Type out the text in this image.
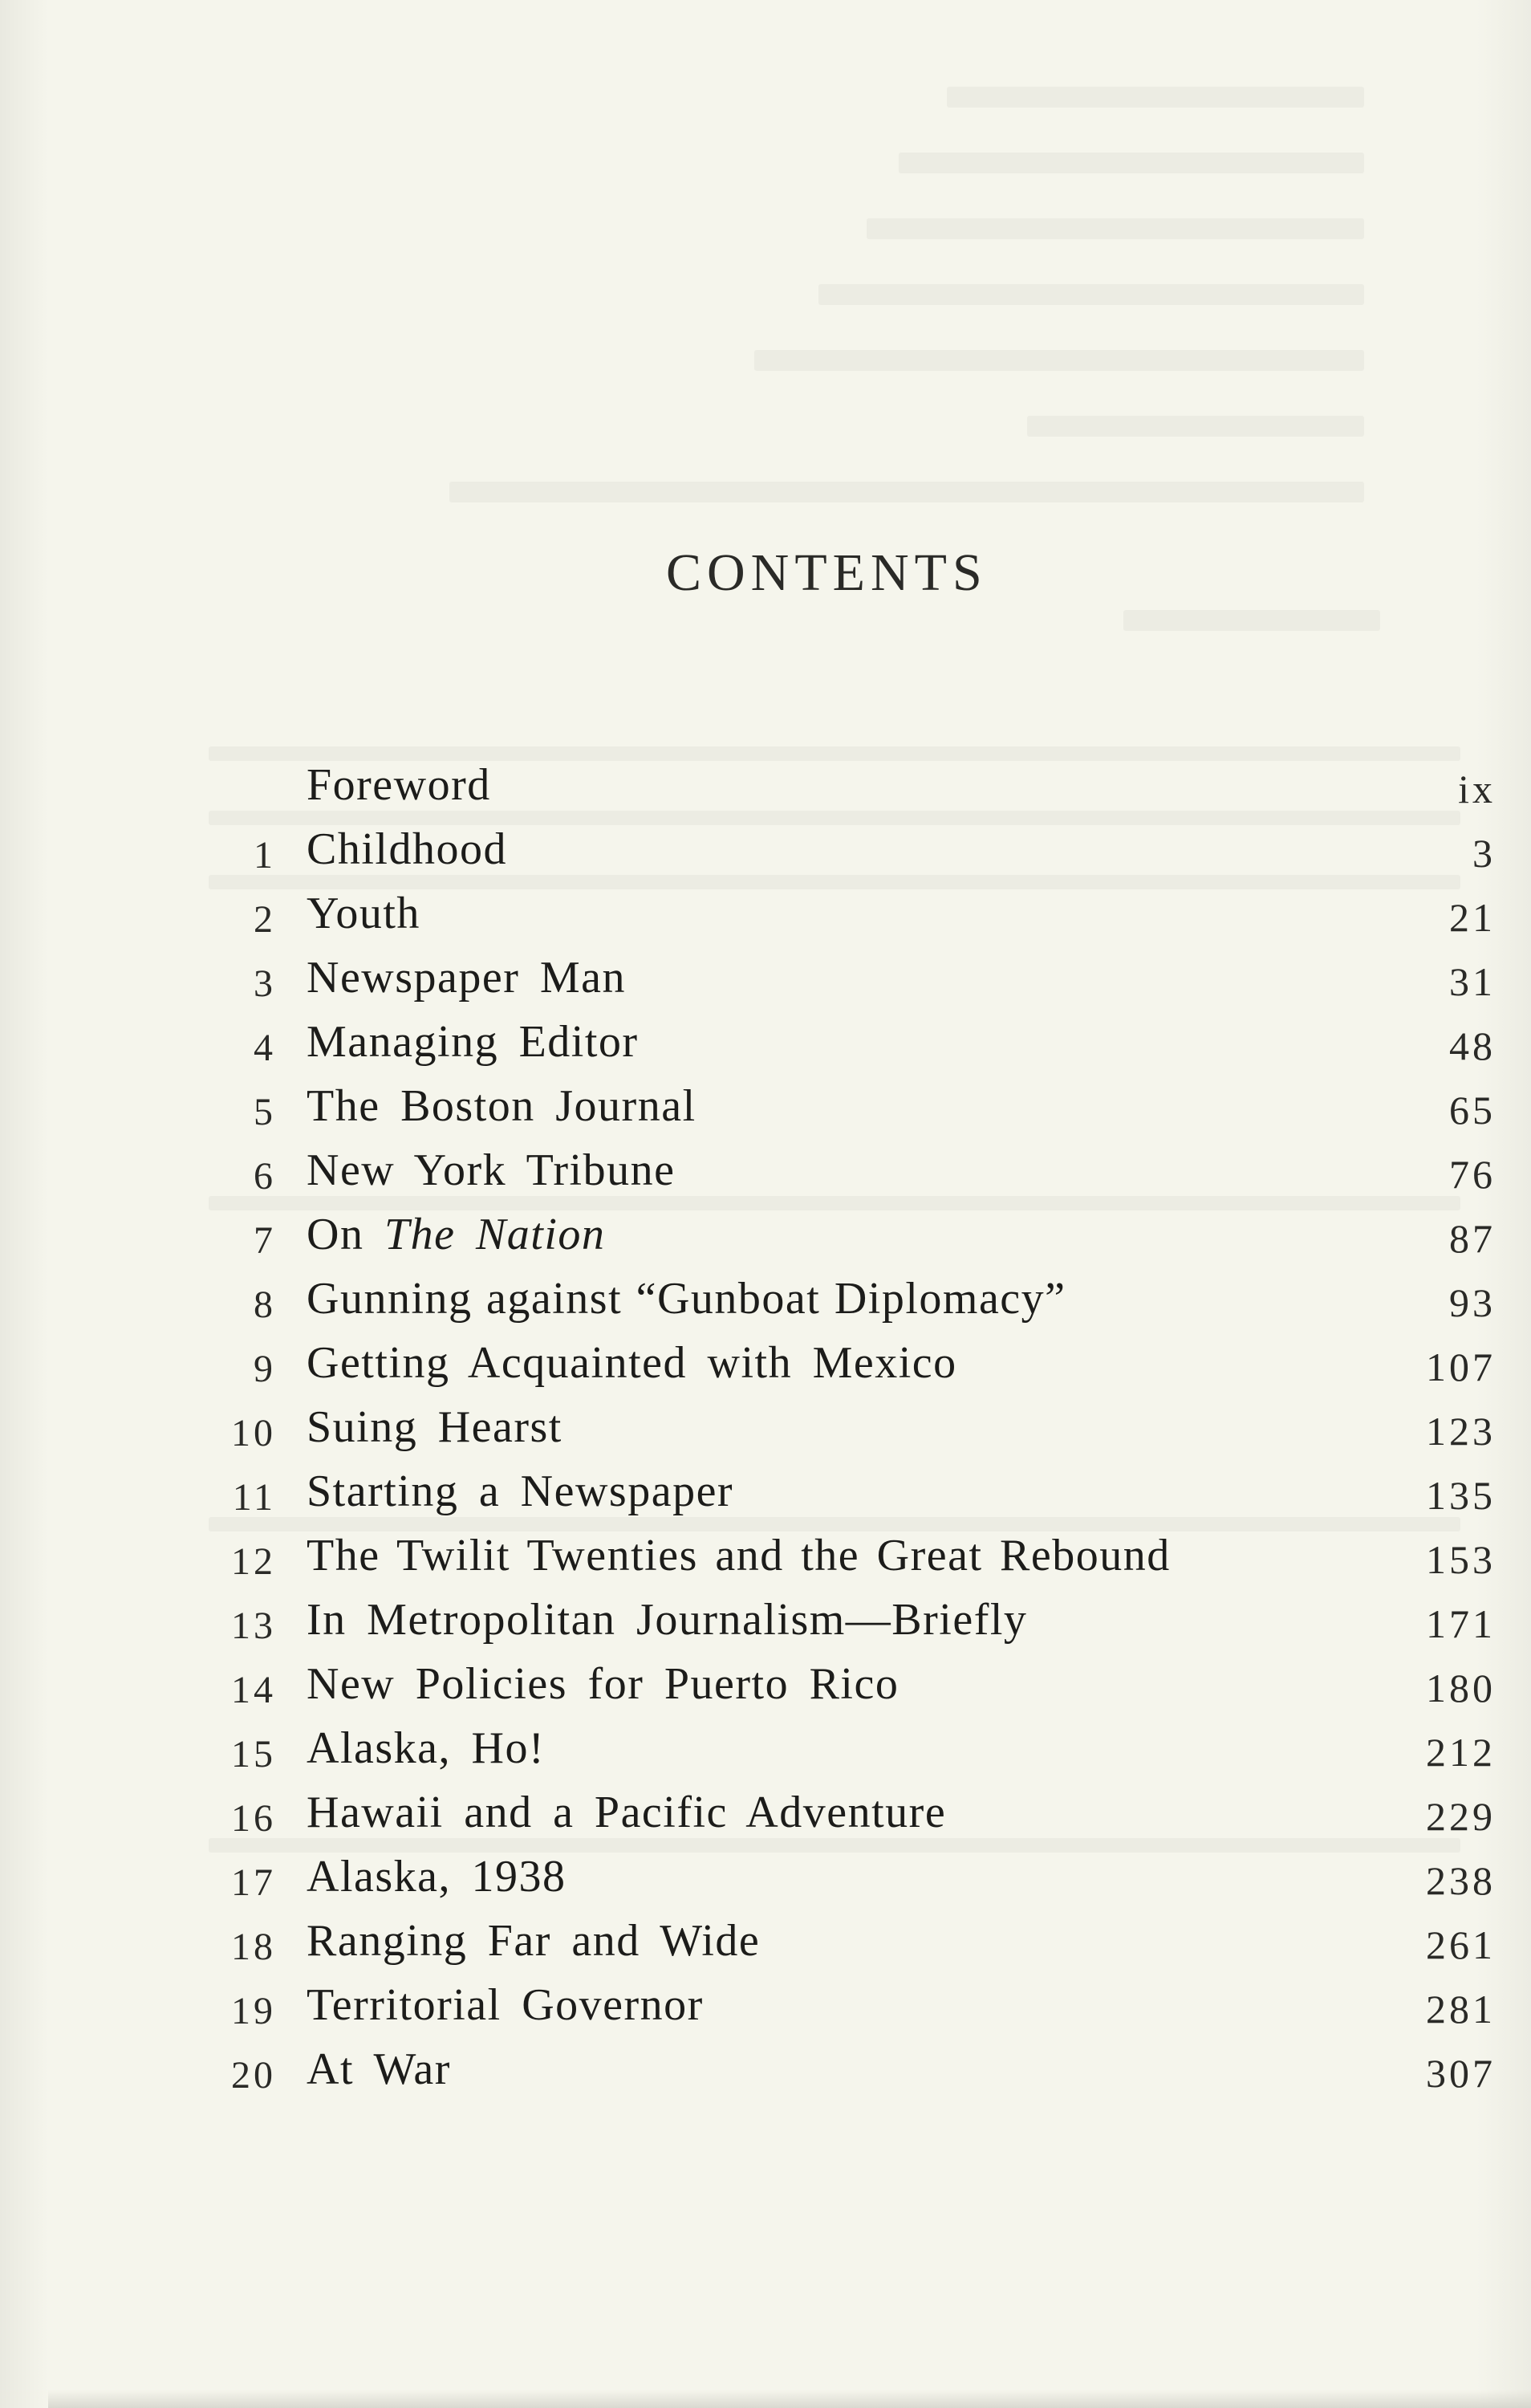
CONTENTS
Foreword	ix
1 Childhood	3
2 Youth	21
3 Newspaper Man	31
4 Managing Editor	48
5 The Boston Journal	65
6 New York Tribune	76
7 On The Nation	87
8 Gunning against “Gunboat Diplomacy”	93
9 Getting Acquainted with Mexico	107
10 Suing Hearst	123
11 Starting a Newspaper	135
12 The Twilit Twenties and the Great Rebound	153
13 In Metropolitan Journalism—Briefly	171
14 New Policies for Puerto Rico	180
15 Alaska, Ho!	212
16 Hawaii and a Pacific Adventure	229
17 Alaska, 1938	238
18 Ranging Far and Wide	261
19 Territorial Governor	281
20 At War	307
